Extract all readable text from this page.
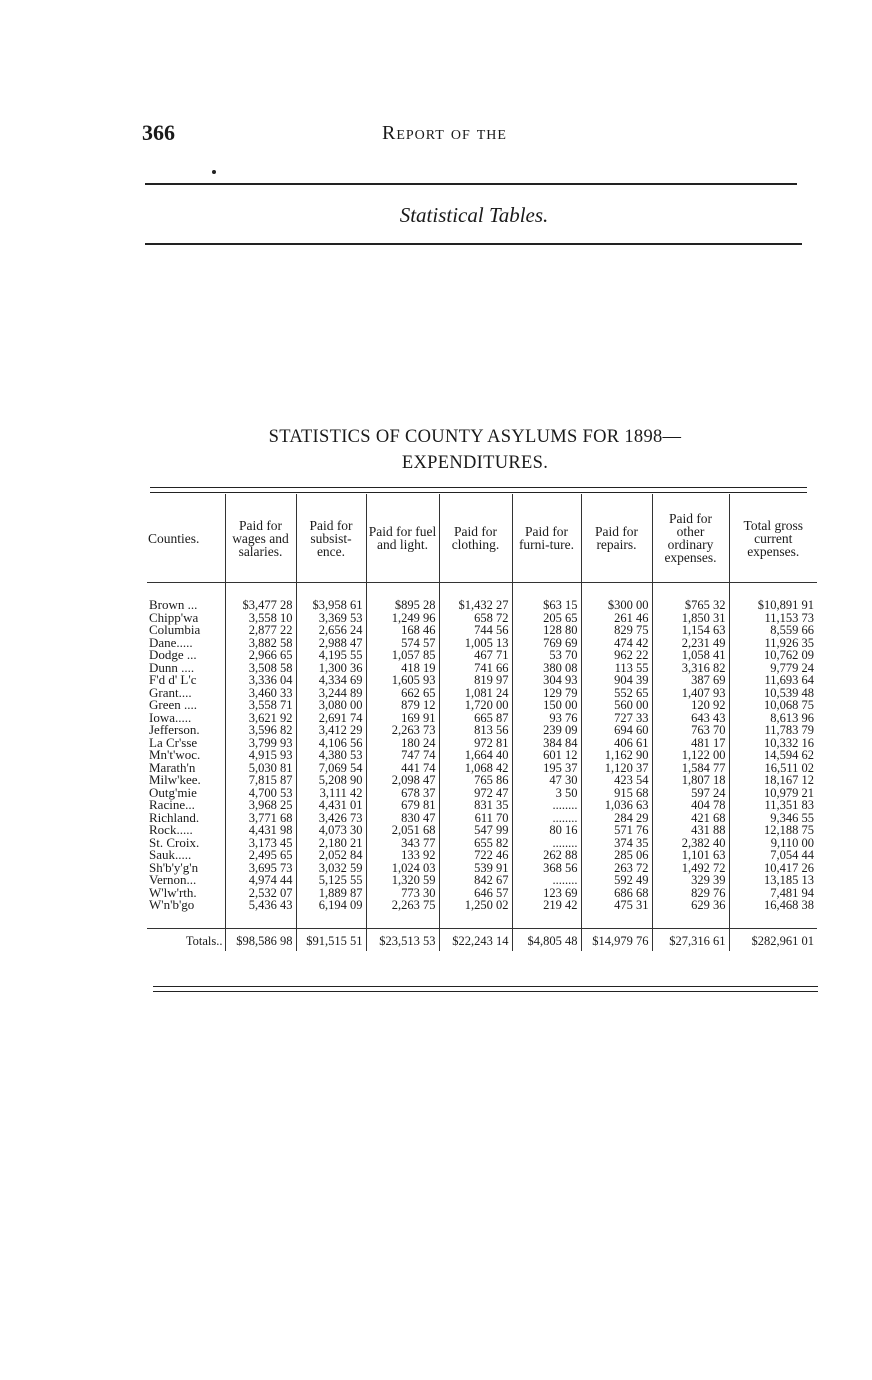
366	Report of the
Statistical Tables.
STATISTICS OF COUNTY ASYLUMS FOR 1898—
EXPENDITURES.
Counties.	Paid for wages and salaries.	Paid for subsist-ence.	Paid for fuel and light.	Paid for clothing.	Paid for furni-ture.	Paid for repairs.	Paid for other ordinary expenses.	Total gross current expenses.

Brown ...	$3,477 28	$3,958 61	$895 28	$1,432 27	$63 15	$300 00	$765 32	$10,891 91
Chipp'wa	3,558 10	3,369 53	1,249 96	658 72	205 65	261 46	1,850 31	11,153 73
Columbia	2,877 22	2,656 24	168 46	744 56	128 80	829 75	1,154 63	8,559 66
Dane.....	3,882 58	2,988 47	574 57	1,005 13	769 69	474 42	2,231 49	11,926 35
Dodge ...	2,966 65	4,195 55	1,057 85	467 71	53 70	962 22	1,058 41	10,762 09
Dunn ....	3,508 58	1,300 36	418 19	741 66	380 08	113 55	3,316 82	9,779 24
F'd d' L'c	3,336 04	4,334 69	1,605 93	819 97	304 93	904 39	387 69	11,693 64
Grant....	3,460 33	3,244 89	662 65	1,081 24	129 79	552 65	1,407 93	10,539 48
Green ....	3,558 71	3,080 00	879 12	1,720 00	150 00	560 00	120 92	10,068 75
Iowa.....	3,621 92	2,691 74	169 91	665 87	93 76	727 33	643 43	8,613 96
Jefferson.	3,596 82	3,412 29	2,263 73	813 56	239 09	694 60	763 70	11,783 79
La Cr'sse	3,799 93	4,106 56	180 24	972 81	384 84	406 61	481 17	10,332 16
Mn't'woc.	4,915 93	4,380 53	747 74	1,664 40	601 12	1,162 90	1,122 00	14,594 62
Marath'n	5,030 81	7,069 54	441 74	1,068 42	195 37	1,120 37	1,584 77	16,511 02
Milw'kee.	7,815 87	5,208 90	2,098 47	765 86	47 30	423 54	1,807 18	18,167 12
Outg'mie	4,700 53	3,111 42	678 37	972 47	3 50	915 68	597 24	10,979 21
Racine...	3,968 25	4,431 01	679 81	831 35	........	1,036 63	404 78	11,351 83
Richland.	3,771 68	3,426 73	830 47	611 70	........	284 29	421 68	9,346 55
Rock.....	4,431 98	4,073 30	2,051 68	547 99	80 16	571 76	431 88	12,188 75
St. Croix.	3,173 45	2,180 21	343 77	655 82	........	374 35	2,382 40	9,110 00
Sauk.....	2,495 65	2,052 84	133 92	722 46	262 88	285 06	1,101 63	7,054 44
Sh'b'y'g'n	3,695 73	3,032 59	1,024 03	539 91	368 56	263 72	1,492 72	10,417 26
Vernon...	4,974 44	5,125 55	1,320 59	842 67	........	592 49	329 39	13,185 13
W'lw'rth.	2,532 07	1,889 87	773 30	646 57	123 69	686 68	829 76	7,481 94
W'n'b'go	5,436 43	6,194 09	2,263 75	1,250 02	219 42	475 31	629 36	16,468 38

Totals..	$98,586 98	$91,515 51	$23,513 53	$22,243 14	$4,805 48	$14,979 76	$27,316 61	$282,961 01
